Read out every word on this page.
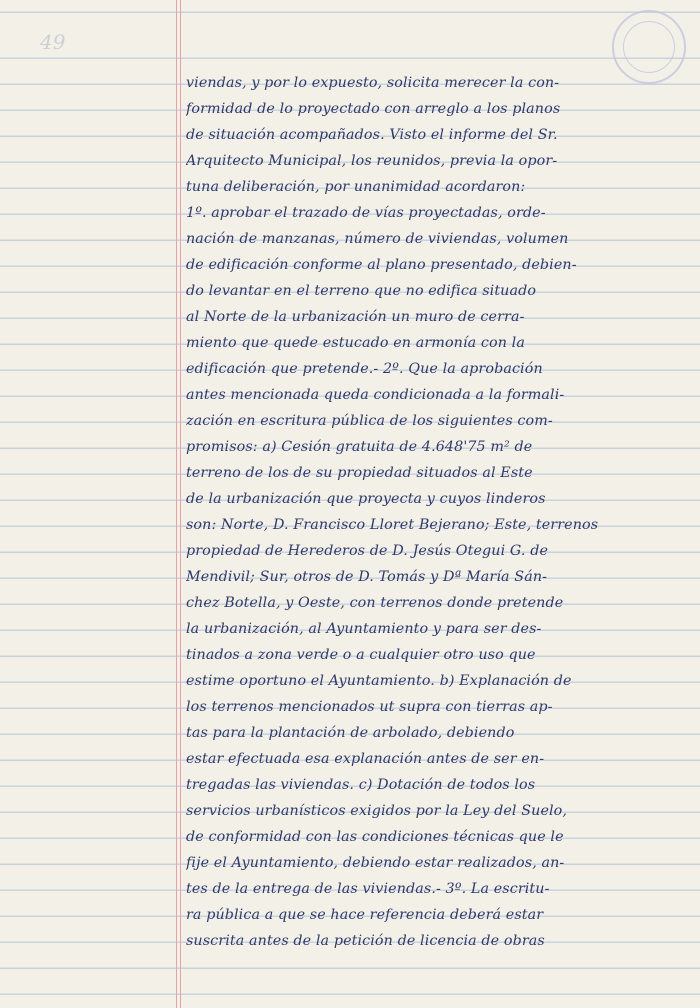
49

viendas, y por lo expuesto, solicita merecer la con-
formidad de lo proyectado con arreglo a los planos
de situación acompañados. Visto el informe del Sr.
Arquitecto Municipal, los reunidos, previa la opor-
tuna deliberación, por unanimidad acordaron:
1º. aprobar el trazado de vías proyectadas, orde-
nación de manzanas, número de viviendas, volumen
de edificación conforme al plano presentado, debien-
do levantar en el terreno que no edifica situado
al Norte de la urbanización un muro de cerra-
miento que quede estucado en armonía con la
edificación que pretende.- 2º. Que la aprobación
antes mencionada queda condicionada a la formali-
zación en escritura pública de los siguientes com-
promisos: a) Cesión gratuita de 4.648'75 m² de
terreno de los de su propiedad situados al Este
de la urbanización que proyecta y cuyos linderos
son: Norte, D. Francisco Lloret Bejerano; Este, terrenos
propiedad de Herederos de D. Jesús Otegui G. de
Mendivil; Sur, otros de D. Tomás y Dª María Sán-
chez Botella, y Oeste, con terrenos donde pretende
la urbanización, al Ayuntamiento y para ser des-
tinados a zona verde o a cualquier otro uso que
estime oportuno el Ayuntamiento. b) Explanación de
los terrenos mencionados ut supra con tierras ap-
tas para la plantación de arbolado, debiendo
estar efectuada esa explanación antes de ser en-
tregadas las viviendas. c) Dotación de todos los
servicios urbanísticos exigidos por la Ley del Suelo,
de conformidad con las condiciones técnicas que le
fije el Ayuntamiento, debiendo estar realizados, an-
tes de la entrega de las viviendas.- 3º. La escritu-
ra pública a que se hace referencia deberá estar
suscrita antes de la petición de licencia de obras
